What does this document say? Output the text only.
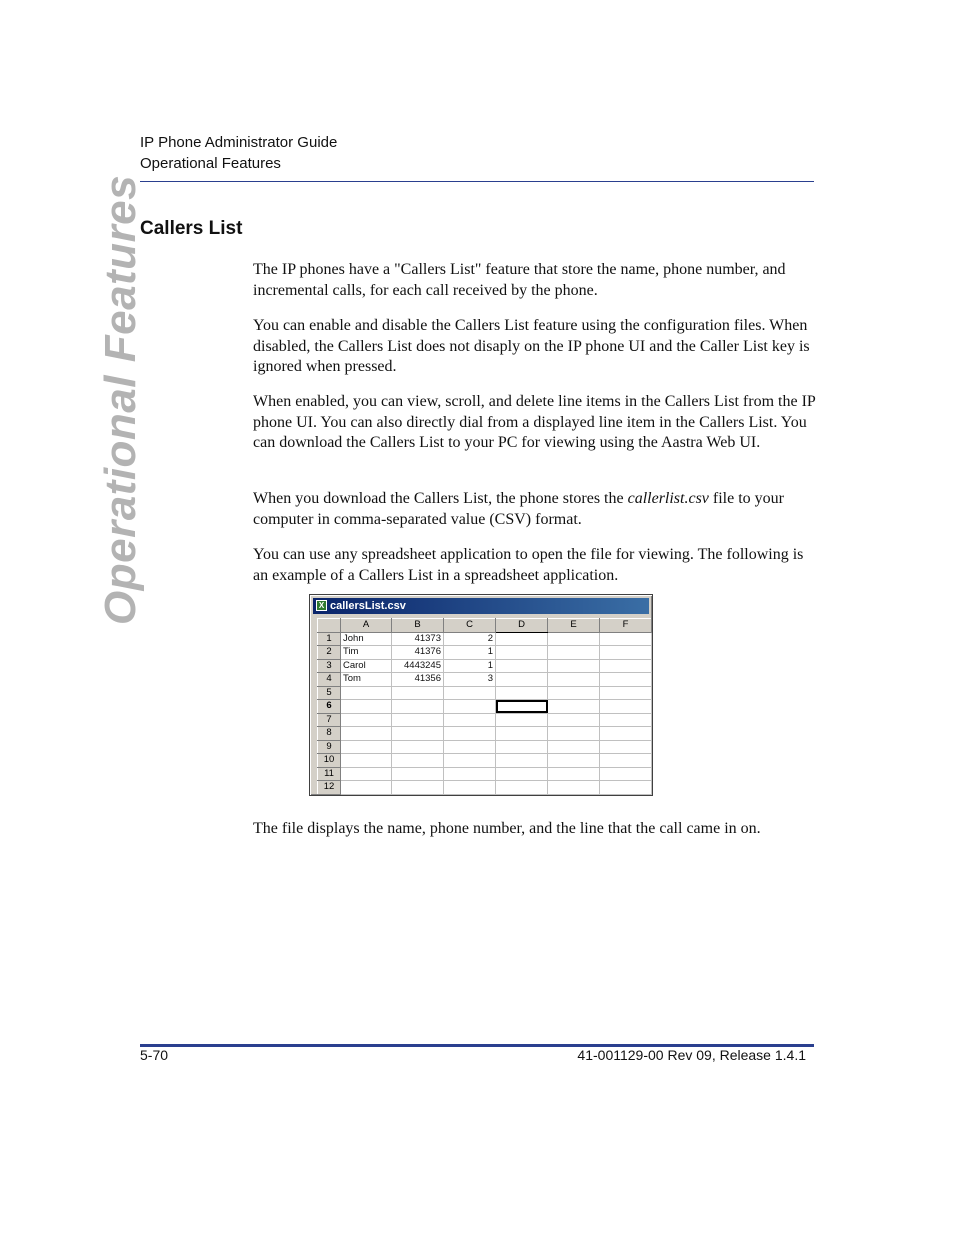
IP Phone Administrator Guide
Operational Features
Operational Features
Callers List

The IP phones have a "Callers List" feature that store the name, phone number, and incremental calls, for each call received by the phone.

You can enable and disable the Callers List feature using the configuration files. When disabled, the Callers List does not disaply on the IP phone UI and the Caller List key is ignored when pressed.

When enabled, you can view, scroll, and delete line items in the Callers List from the IP phone UI. You can also directly dial from a displayed line item in the Callers List. You can download the Callers List to your PC for viewing using the Aastra Web UI.

When you download the Callers List, the phone stores the callerlist.csv file to your computer in comma-separated value (CSV) format.

You can use any spreadsheet application to open the file for viewing. The following is an example of a Callers List in a spreadsheet application.

X callersList.csv
	A	B	C	D	E	F
1	John	41373	2			
2	Tim	41376	1			
3	Carol	4443245	1			
4	Tom	41356	3			
5						
6						
7						
8						
9						
10						
11						
12						

The file displays the name, phone number, and the line that the call came in on.

5-70	41-001129-00 Rev 09, Release 1.4.1
